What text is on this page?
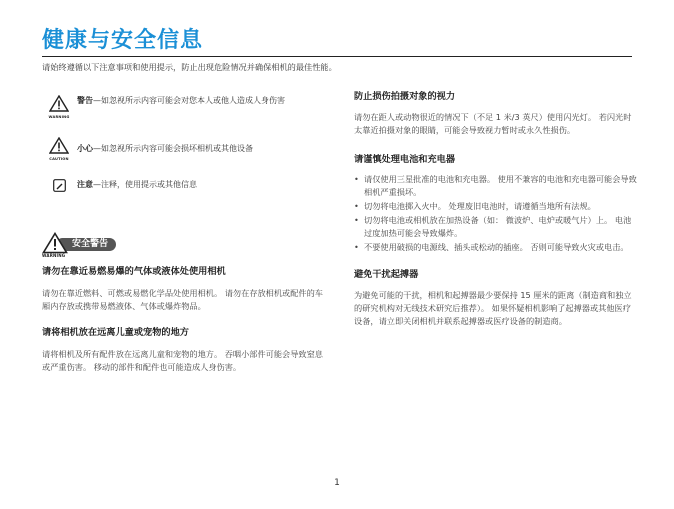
健康与安全信息
请始终遵循以下注意事项和使用提示，防止出现危险情况并确保相机的最佳性能。
WARNING
警告—如忽视所示内容可能会对您本人或他人造成人身伤害
CAUTION
小心—如忽视所示内容可能会损坏相机或其他设备
注意—注释，使用提示或其他信息
安全警告
WARNING
请勿在靠近易燃易爆的气体或液体处使用相机
请勿在靠近燃料、可燃或易燃化学品处使用相机。 请勿在存放相机或配件的车厢内存放或携带易燃液体、气体或爆炸物品。
请将相机放在远离儿童或宠物的地方
请将相机及所有配件放在远离儿童和宠物的地方。 吞咽小部件可能会导致窒息或严重伤害。 移动的部件和配件也可能造成人身伤害。
防止损伤拍摄对象的视力
请勿在距人或动物很近的情况下（不足 1 米/3 英尺）使用闪光灯。 若闪光时太靠近拍摄对象的眼睛，可能会导致视力暂时或永久性损伤。
请谨慎处理电池和充电器
• 请仅使用三星批准的电池和充电器。 使用不兼容的电池和充电器可能会导致相机严重损坏。
• 切勿将电池掷入火中。 处理废旧电池时，请遵循当地所有法规。
• 切勿将电池或相机放在加热设备（如： 微波炉、电炉或暖气片）上。 电池过度加热可能会导致爆炸。
• 不要使用破损的电源线、插头或松动的插座。 否则可能导致火灾或电击。
避免干扰起搏器
为避免可能的干扰，相机和起搏器最少要保持 15 厘米的距离（制造商和独立的研究机构对无线技术研究后推荐）。 如果怀疑相机影响了起搏器或其他医疗设备，请立即关闭相机并联系起搏器或医疗设备的制造商。
1
